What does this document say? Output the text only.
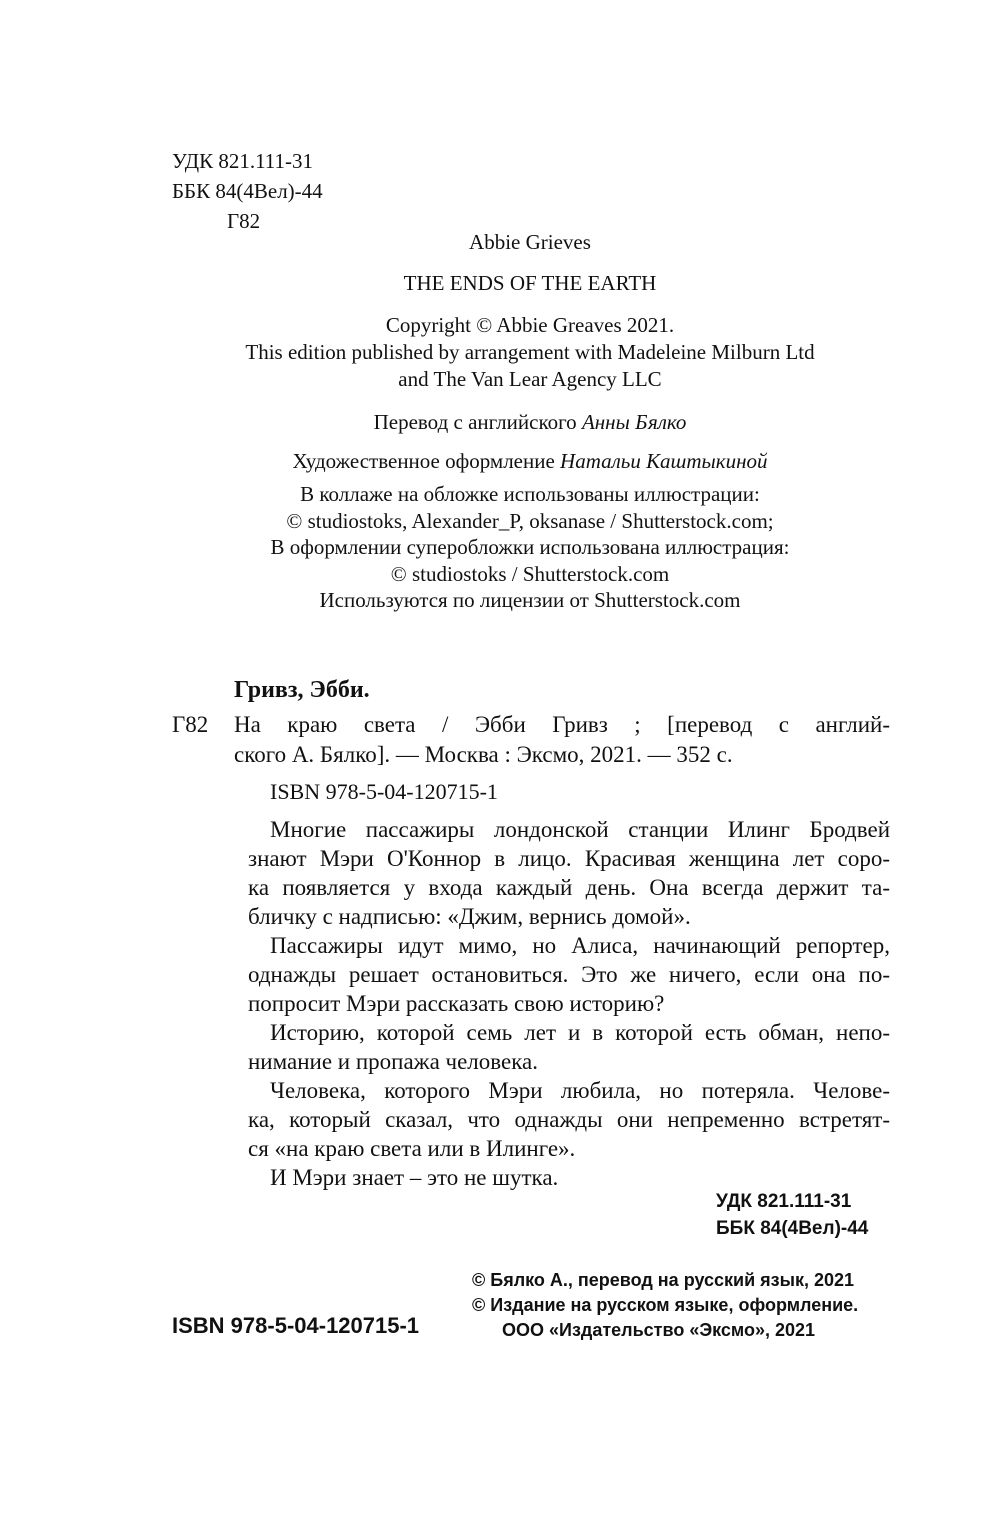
УДК 821.111-31
ББК 84(4Вел)-44
Г82
Abbie Grieves
THE ENDS OF THE EARTH
Copyright © Abbie Greaves 2021.
This edition published by arrangement with Madeleine Milburn Ltd
and The Van Lear Agency LLC
Перевод с английского Анны Бялко
Художественное оформление Натальи Каштыкиной
В коллаже на обложке использованы иллюстрации:
© studiostoks, Alexander_P, oksanase / Shutterstock.com;
В оформлении суперобложки использована иллюстрация:
© studiostoks / Shutterstock.com
Используются по лицензии от Shutterstock.com
Гривз, Эбби.
Г82 На краю света / Эбби Гривз ; [перевод с англий-
ского А. Бялко]. — Москва : Эксмо, 2021. — 352 с.
ISBN 978-5-04-120715-1
Многие пассажиры лондонской станции Илинг Бродвей
знают Мэри О'Коннор в лицо. Красивая женщина лет соро-
ка появляется у входа каждый день. Она всегда держит та-
бличку с надписью: «Джим, вернись домой».
Пассажиры идут мимо, но Алиса, начинающий репортер,
однажды решает остановиться. Это же ничего, если она по-
попросит Мэри рассказать свою историю?
Историю, которой семь лет и в которой есть обман, непо-
нимание и пропажа человека.
Человека, которого Мэри любила, но потеряла. Челове-
ка, который сказал, что однажды они непременно встретят-
ся «на краю света или в Илинге».
И Мэри знает – это не шутка.
УДК 821.111-31
ББК 84(4Вел)-44
ISBN 978-5-04-120715-1
© Бялко А., перевод на русский язык, 2021
© Издание на русском языке, оформление.
ООО «Издательство «Эксмо», 2021
